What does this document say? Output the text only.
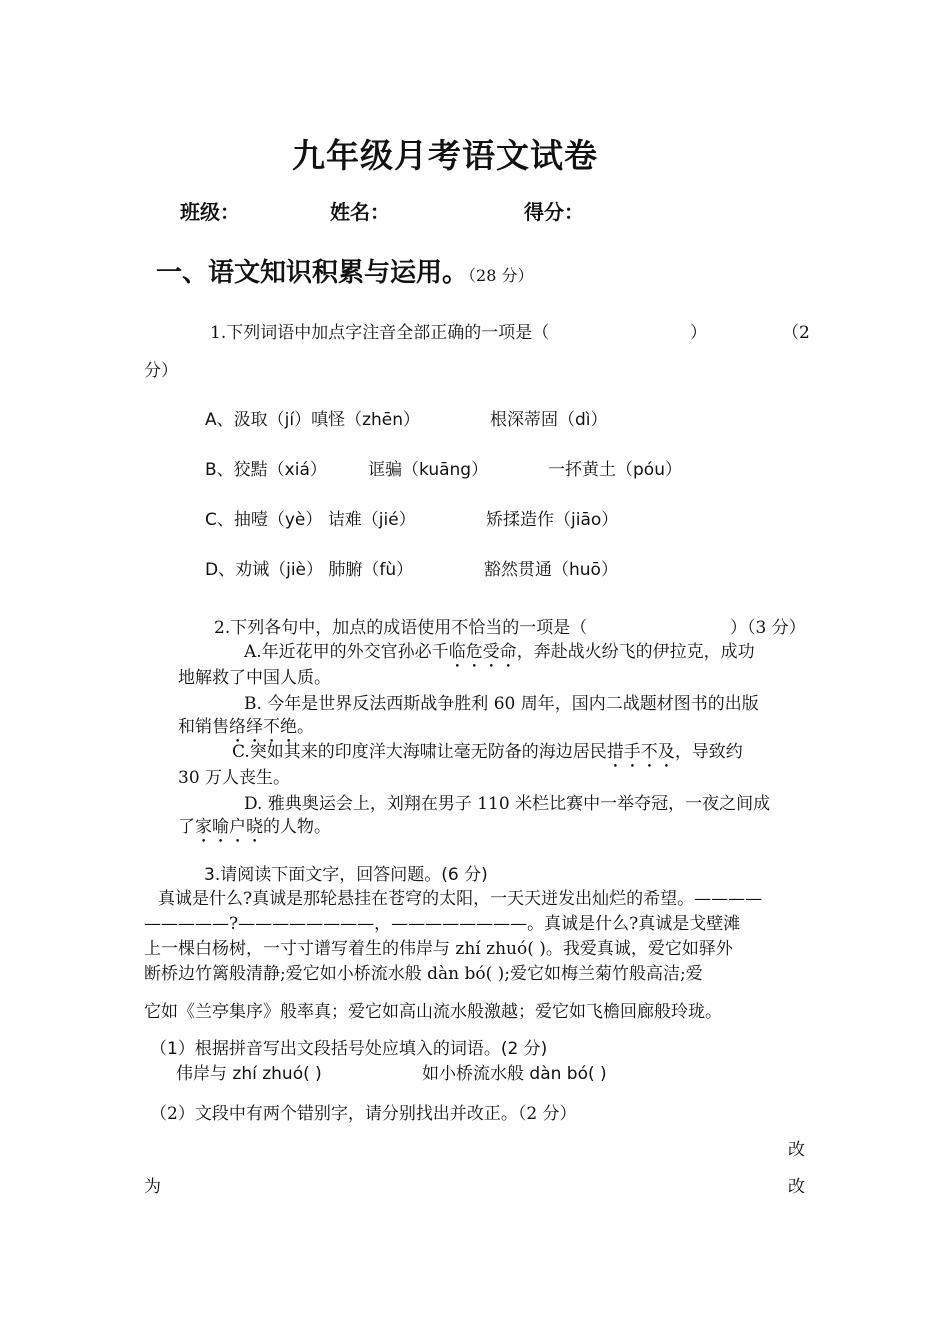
九年级月考语文试卷
班级：	姓名：	得分：
一、语文知识积累与运用。（28 分）
1.下列词语中加点字注音全部正确的一项是（	）	（2
分）
A、汲取（jí）嗔怪（zhēn）	根深蒂固（dì）
B、狡黠（xiá） 诓骗（kuāng）	一抔黄土（póu）
C、抽噎（yè） 诘难（jié）	矫揉造作（jiāo）
D、劝诫（jiè） 肺腑（fù）	豁然贯通（huō）
2.下列各句中，加点的成语使用不恰当的一项是（	）（3 分）
A.年近花甲的外交官孙必千临危受命，奔赴战火纷飞的伊拉克，成功
地解救了中国人质。
B. 今年是世界反法西斯战争胜利 60 周年，国内二战题材图书的出版
和销售络绎不绝。
C.突如其来的印度洋大海啸让毫无防备的海边居民措手不及，导致约
30 万人丧生。
D. 雅典奥运会上，刘翔在男子 110 米栏比赛中一举夺冠，一夜之间成
了家喻户晓的人物。
3.请阅读下面文字，回答问题。(6 分)
真诚是什么?真诚是那轮悬挂在苍穹的太阳，一天天迸发出灿烂的希望。————
—————?————————，————————。真诚是什么?真诚是戈壁滩
上一棵白杨树，一寸寸谱写着生的伟岸与 zhí zhuó( )。我爱真诚，爱它如驿外
断桥边竹篱般清静;爱它如小桥流水般 dàn bó( );爱它如梅兰菊竹般高洁;爱
它如《兰亭集序》般率真；爱它如高山流水般激越；爱它如飞檐回廊般玲珑。
（1）根据拼音写出文段括号处应填入的词语。(2 分)
伟岸与 zhí zhuó( )	如小桥流水般 dàn bó( )
（2）文段中有两个错别字，请分别找出并改正。（2 分）
改
为	改
